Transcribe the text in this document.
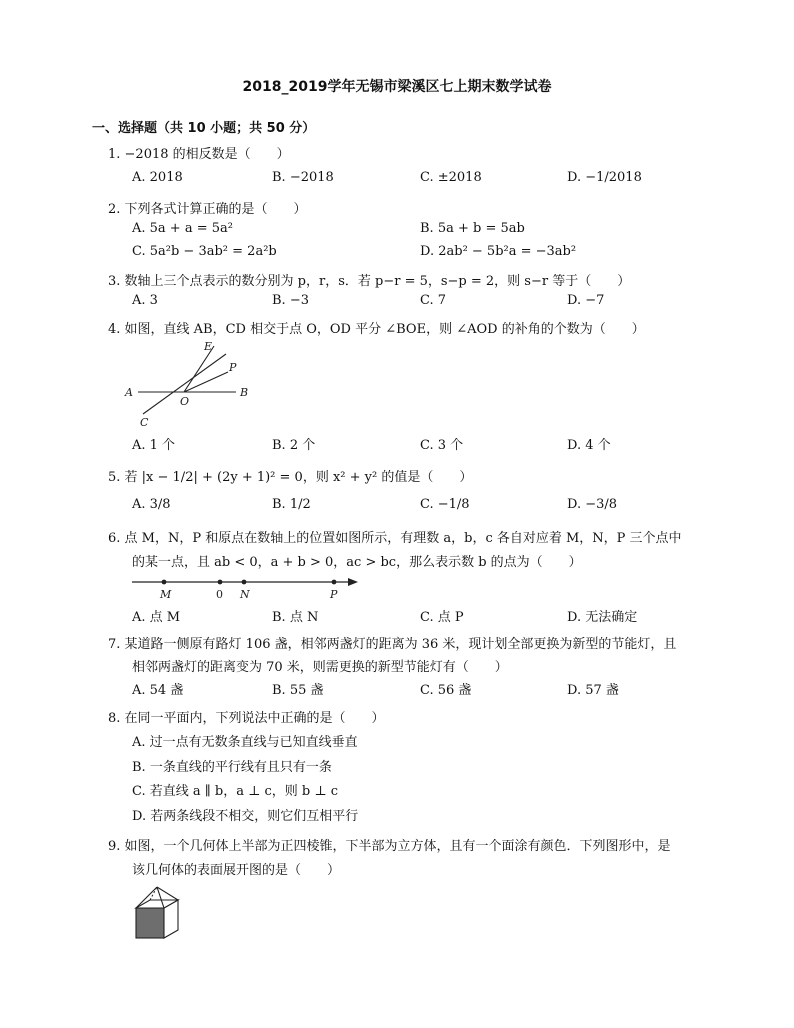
2018_2019学年无锡市梁溪区七上期末数学试卷
一、选择题（共 10 小题；共 50 分）
1. −2018 的相反数是（　　）
A. 2018	B. −2018	C. ±2018	D. −1/2018
2. 下列各式计算正确的是（　　）
A. 5a + a = 5a²	B. 5a + b = 5ab
C. 5a²b − 3ab² = 2a²b	D. 2ab² − 5b²a = −3ab²
3. 数轴上三个点表示的数分别为 p，r，s．若 p−r = 5，s−p = 2，则 s−r 等于（　　）
A. 3	B. −3	C. 7	D. −7
4. 如图，直线 AB，CD 相交于点 O，OD 平分 ∠BOE，则 ∠AOD 的补角的个数为（　　）
E
P
A
O
B
C
A. 1 个	B. 2 个	C. 3 个	D. 4 个
5. 若 |x − 1/2| + (2y + 1)² = 0，则 x² + y² 的值是（　　）
A. 3/8	B. 1/2	C. −1/8	D. −3/8
6. 点 M，N，P 和原点在数轴上的位置如图所示，有理数 a，b，c 各自对应着 M，N，P 三个点中
的某一点，且 ab < 0，a + b > 0，ac > bc，那么表示数 b 的点为（　　）
M	0 N	P
A. 点 M	B. 点 N	C. 点 P	D. 无法确定
7. 某道路一侧原有路灯 106 盏，相邻两盏灯的距离为 36 米，现计划全部更换为新型的节能灯，且
相邻两盏灯的距离变为 70 米，则需更换的新型节能灯有（　　）
A. 54 盏	B. 55 盏	C. 56 盏	D. 57 盏
8. 在同一平面内，下列说法中正确的是（　　）
A. 过一点有无数条直线与已知直线垂直
B. 一条直线的平行线有且只有一条
C. 若直线 a ∥ b，a ⊥ c，则 b ⊥ c
D. 若两条线段不相交，则它们互相平行
9. 如图，一个几何体上半部为正四棱锥，下半部为立方体，且有一个面涂有颜色．下列图形中，是
该几何体的表面展开图的是（　　）
